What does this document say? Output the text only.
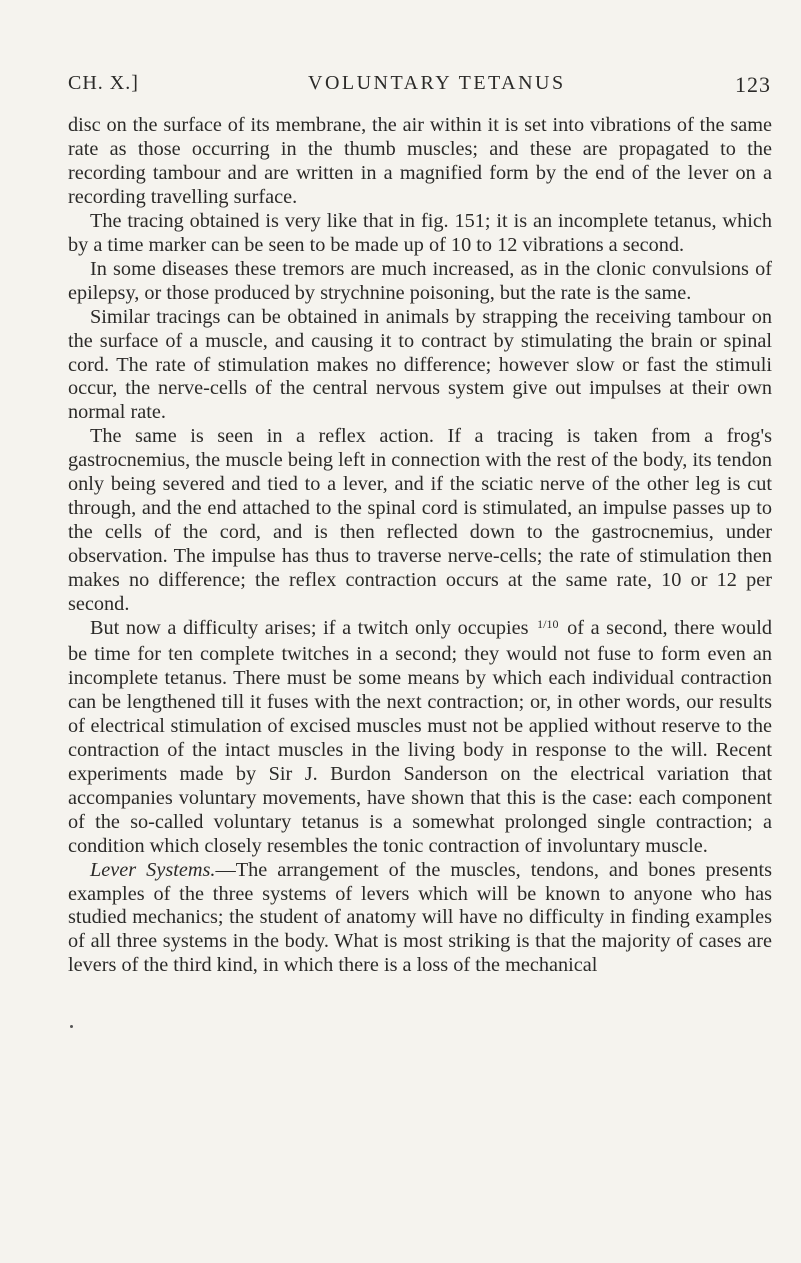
CH. X.]	VOLUNTARY TETANUS	123

disc on the surface of its membrane, the air within it is set into vibrations of the same rate as those occurring in the thumb muscles; and these are propagated to the recording tambour and are written in a magnified form by the end of the lever on a recording travelling surface.

The tracing obtained is very like that in fig. 151; it is an incomplete tetanus, which by a time marker can be seen to be made up of 10 to 12 vibrations a second.

In some diseases these tremors are much increased, as in the clonic convulsions of epilepsy, or those produced by strychnine poisoning, but the rate is the same.

Similar tracings can be obtained in animals by strapping the receiving tambour on the surface of a muscle, and causing it to contract by stimulating the brain or spinal cord. The rate of stimulation makes no difference; however slow or fast the stimuli occur, the nerve-cells of the central nervous system give out impulses at their own normal rate.

The same is seen in a reflex action. If a tracing is taken from a frog's gastrocnemius, the muscle being left in connection with the rest of the body, its tendon only being severed and tied to a lever, and if the sciatic nerve of the other leg is cut through, and the end attached to the spinal cord is stimulated, an impulse passes up to the cells of the cord, and is then reflected down to the gastrocnemius, under observation. The impulse has thus to traverse nerve-cells; the rate of stimulation then makes no difference; the reflex contraction occurs at the same rate, 10 or 12 per second.

But now a difficulty arises; if a twitch only occupies $^{1/10}$ of a second, there would be time for ten complete twitches in a second; they would not fuse to form even an incomplete tetanus. There must be some means by which each individual contraction can be lengthened till it fuses with the next contraction; or, in other words, our results of electrical stimulation of excised muscles must not be applied without reserve to the contraction of the intact muscles in the living body in response to the will. Recent experiments made by Sir J. Burdon Sanderson on the electrical variation that accompanies voluntary movements, have shown that this is the case: each component of the so-called voluntary tetanus is a somewhat prolonged single contraction; a condition which closely resembles the tonic contraction of involuntary muscle.

Lever Systems.—The arrangement of the muscles, tendons, and bones presents examples of the three systems of levers which will be known to anyone who has studied mechanics; the student of anatomy will have no difficulty in finding examples of all three systems in the body. What is most striking is that the majority of cases are levers of the third kind, in which there is a loss of the mechanical
